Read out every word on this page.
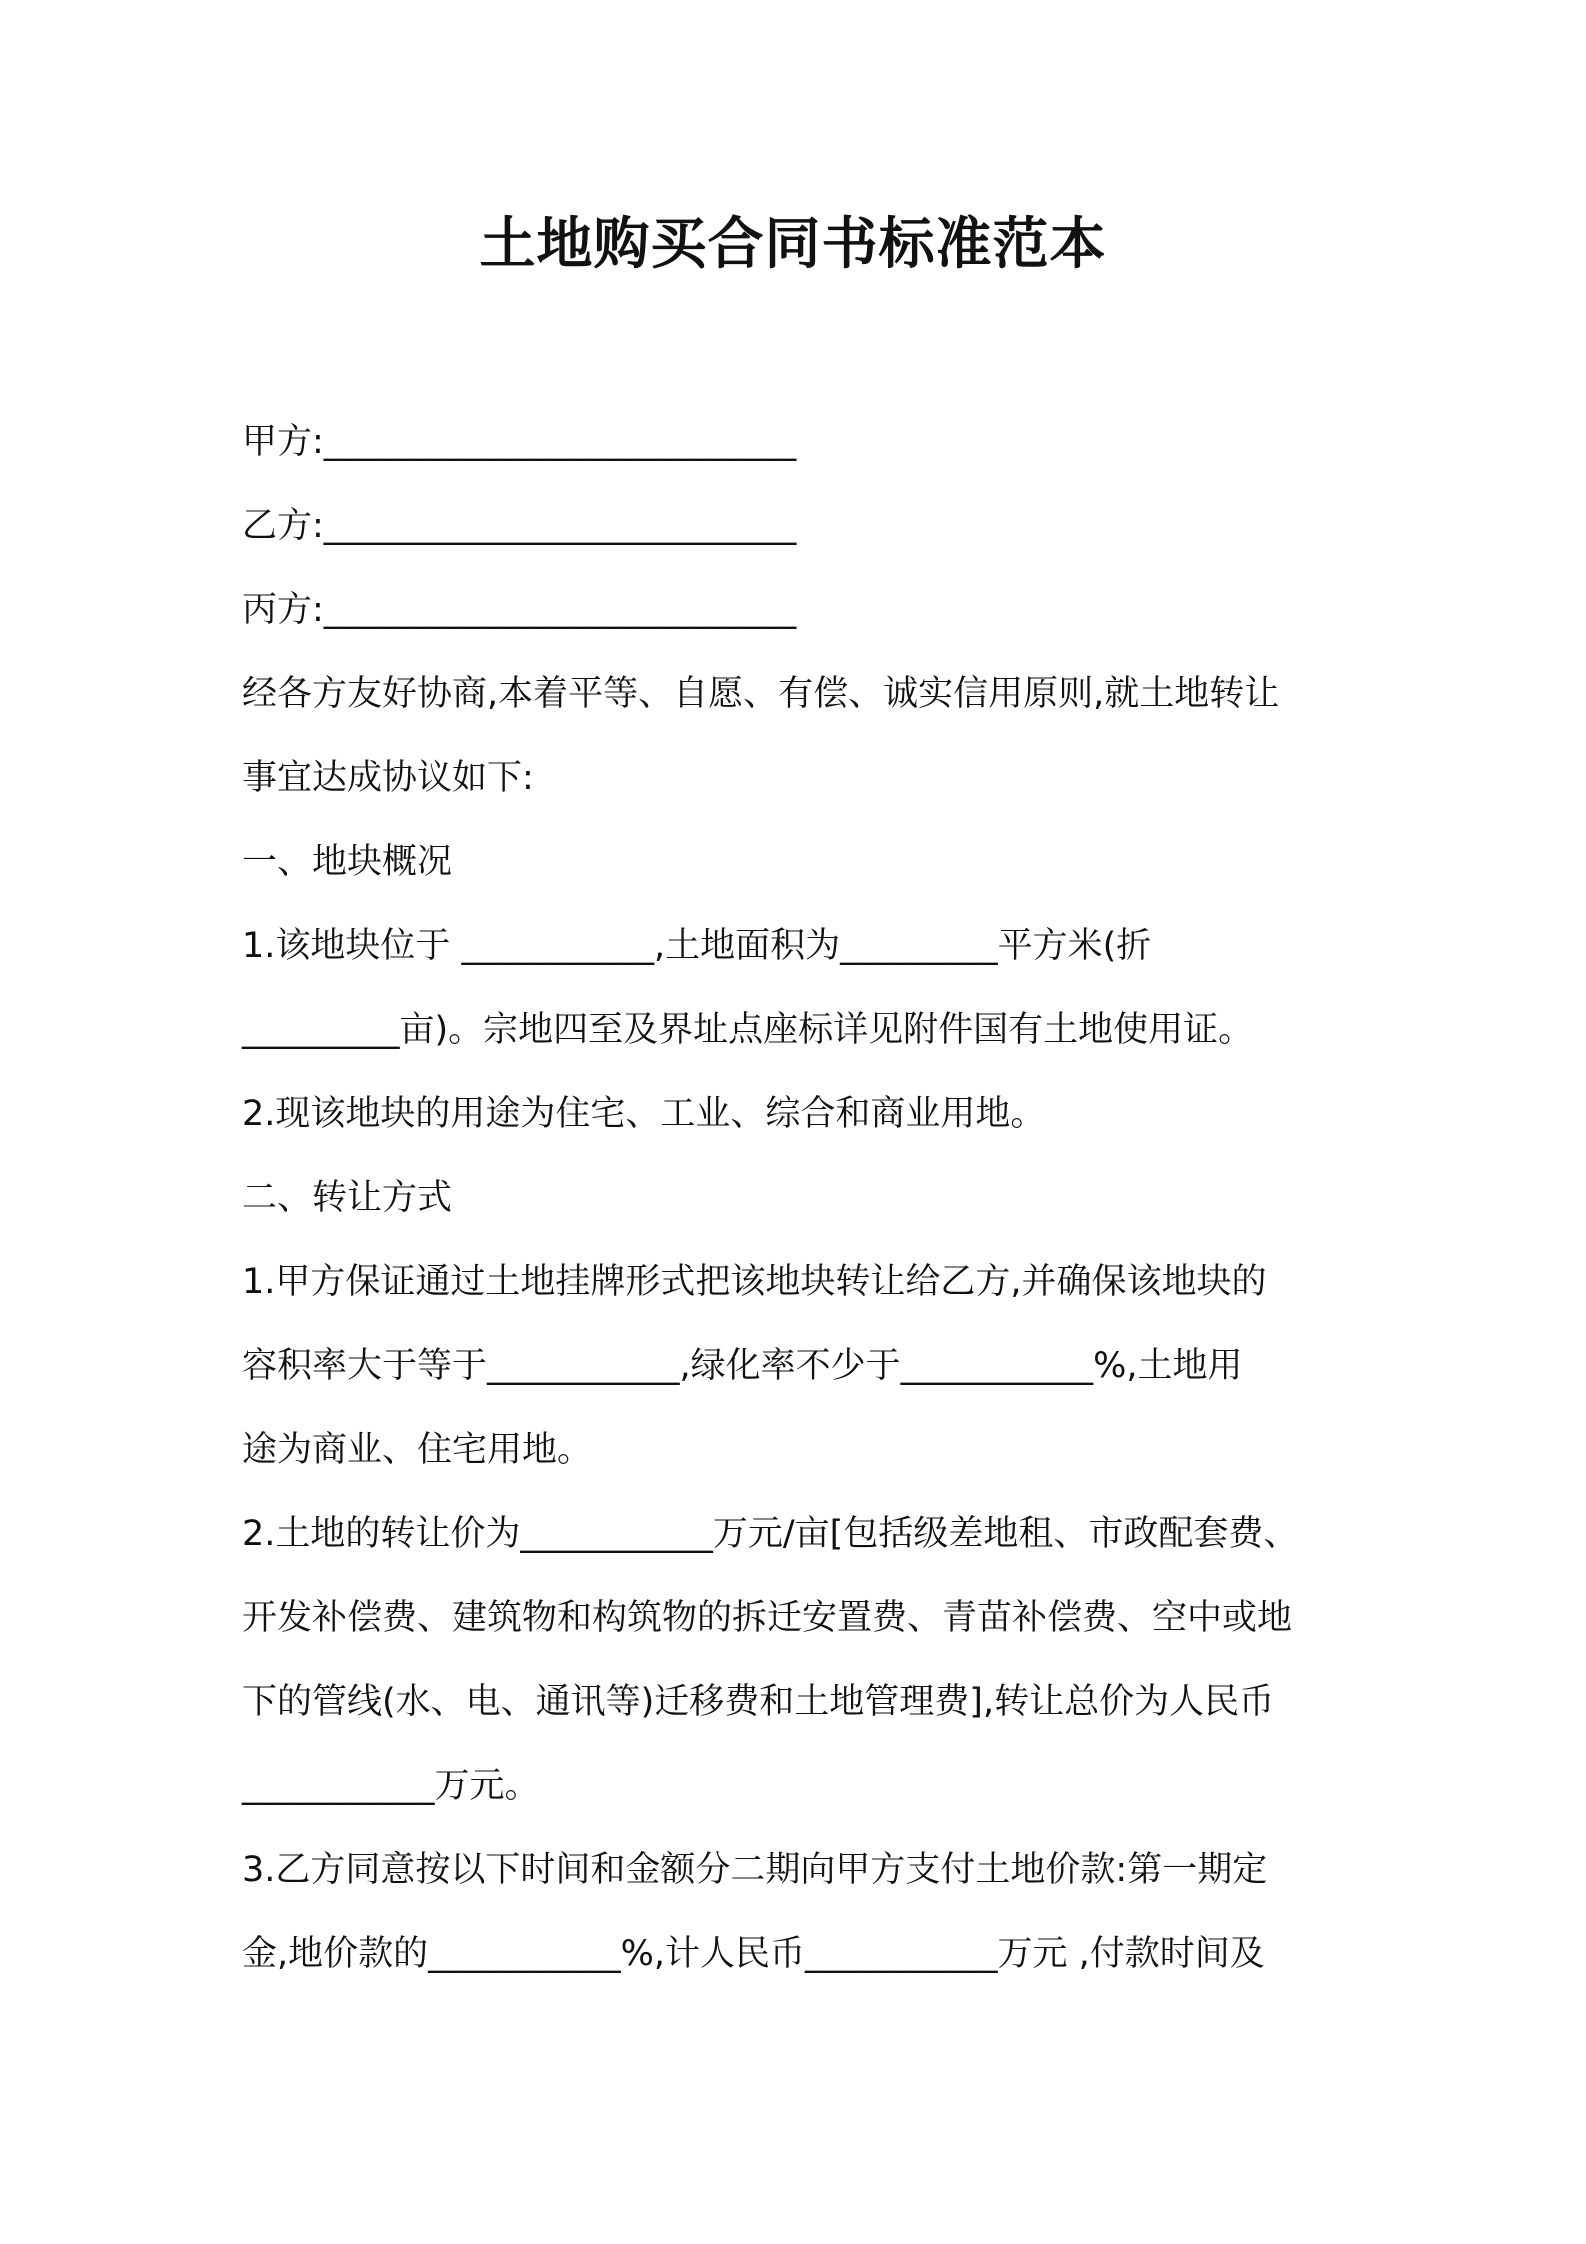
土地购买合同书标准范本

甲方:___________________________

乙方:___________________________

丙方:___________________________

经各方友好协商,本着平等、自愿、有偿、诚实信用原则,就土地转让

事宜达成协议如下:

一、地块概况

1.该地块位于 ___________,土地面积为_________平方米(折

_________亩)。宗地四至及界址点座标详见附件国有土地使用证。

2.现该地块的用途为住宅、工业、综合和商业用地。

二、转让方式

1.甲方保证通过土地挂牌形式把该地块转让给乙方,并确保该地块的

容积率大于等于___________,绿化率不少于___________%,土地用

途为商业、住宅用地。

2.土地的转让价为___________万元/亩[包括级差地租、市政配套费、

开发补偿费、建筑物和构筑物的拆迁安置费、青苗补偿费、空中或地

下的管线(水、电、通讯等)迁移费和土地管理费],转让总价为人民币

___________万元。

3.乙方同意按以下时间和金额分二期向甲方支付土地价款:第一期定

金,地价款的___________%,计人民币___________万元 ,付款时间及
